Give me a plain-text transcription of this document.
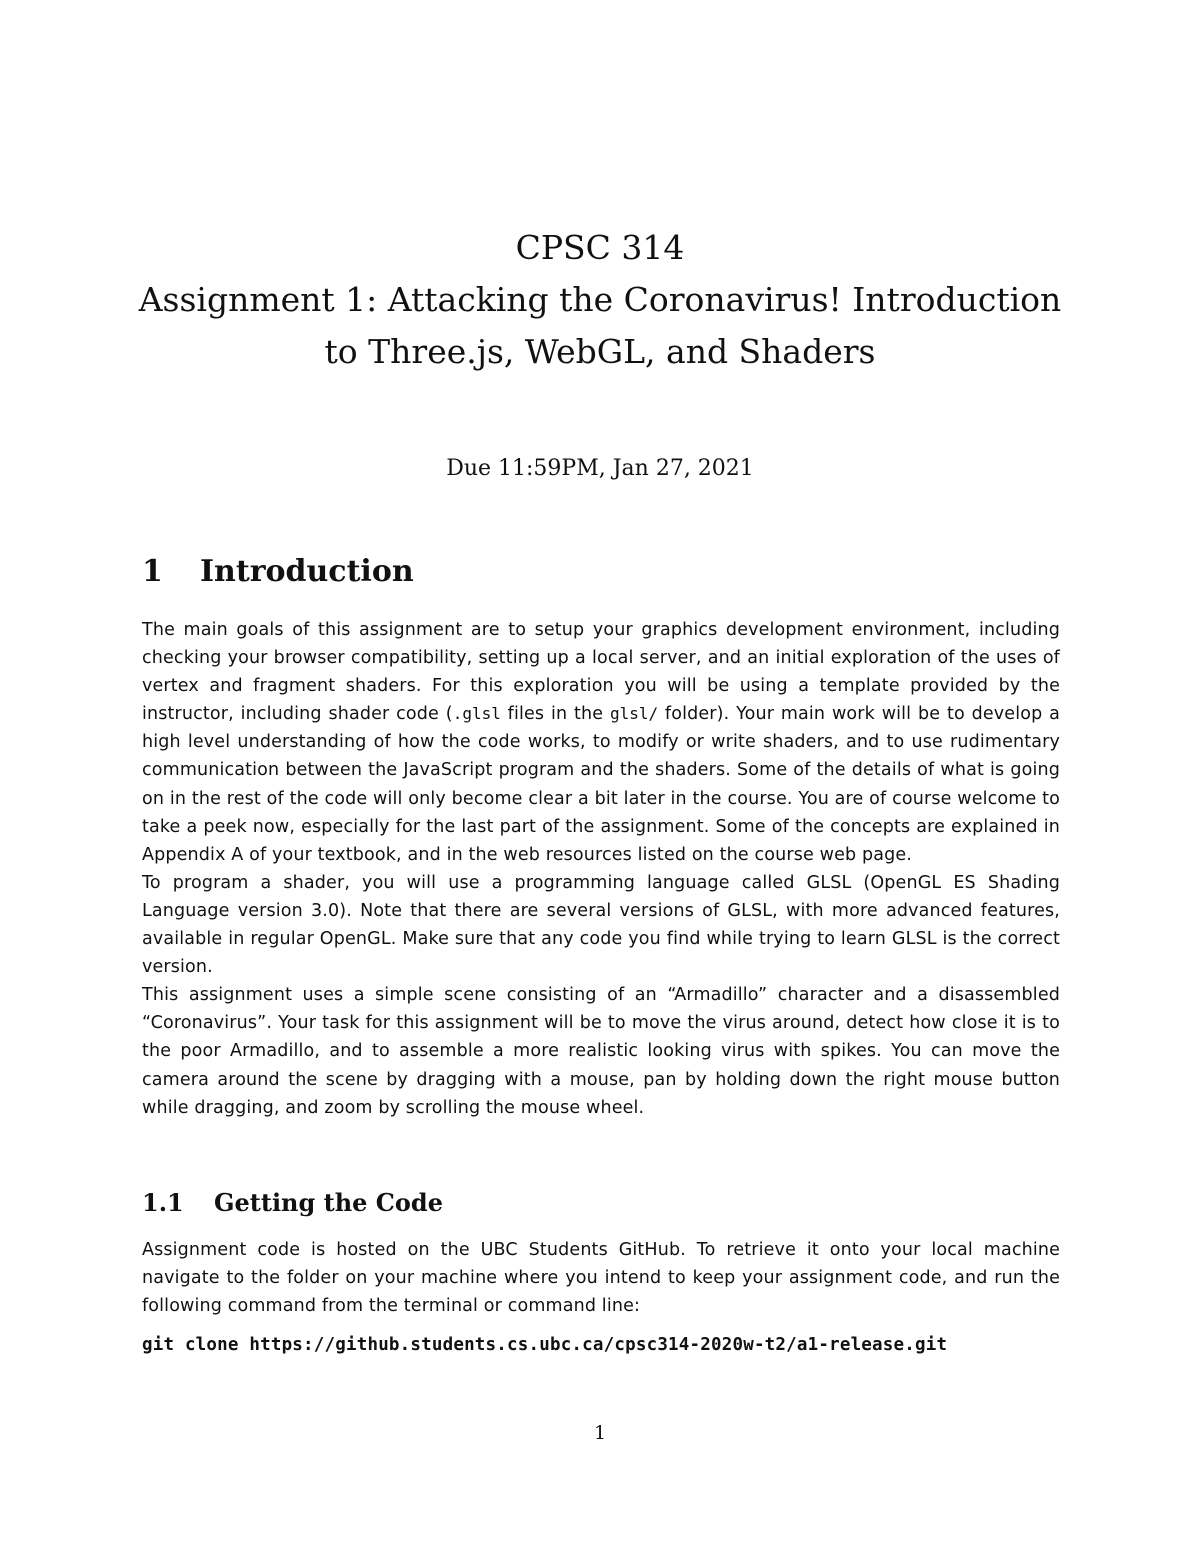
CPSC 314
Assignment 1: Attacking the Coronavirus! Introduction
to Three.js, WebGL, and Shaders
Due 11:59PM, Jan 27, 2021
1 Introduction

The main goals of this assignment are to setup your graphics development environment, including checking your browser compatibility, setting up a local server, and an initial exploration of the uses of vertex and fragment shaders. For this exploration you will be using a template provided by the instructor, including shader code (.glsl files in the glsl/ folder). Your main work will be to develop a high level understanding of how the code works, to modify or write shaders, and to use rudimentary communication between the JavaScript program and the shaders. Some of the details of what is going on in the rest of the code will only become clear a bit later in the course. You are of course welcome to take a peek now, especially for the last part of the assignment. Some of the concepts are explained in Appendix A of your textbook, and in the web resources listed on the course web page.

To program a shader, you will use a programming language called GLSL (OpenGL ES Shading Language version 3.0). Note that there are several versions of GLSL, with more advanced features, available in regular OpenGL. Make sure that any code you find while trying to learn GLSL is the correct version.

This assignment uses a simple scene consisting of an “Armadillo” character and a disassembled “Coronavirus”. Your task for this assignment will be to move the virus around, detect how close it is to the poor Armadillo, and to assemble a more realistic looking virus with spikes. You can move the camera around the scene by dragging with a mouse, pan by holding down the right mouse button while dragging, and zoom by scrolling the mouse wheel.

1.1 Getting the Code

Assignment code is hosted on the UBC Students GitHub. To retrieve it onto your local machine navigate to the folder on your machine where you intend to keep your assignment code, and run the following command from the terminal or command line:

git clone https://github.students.cs.ubc.ca/cpsc314-2020w-t2/a1-release.git
1
